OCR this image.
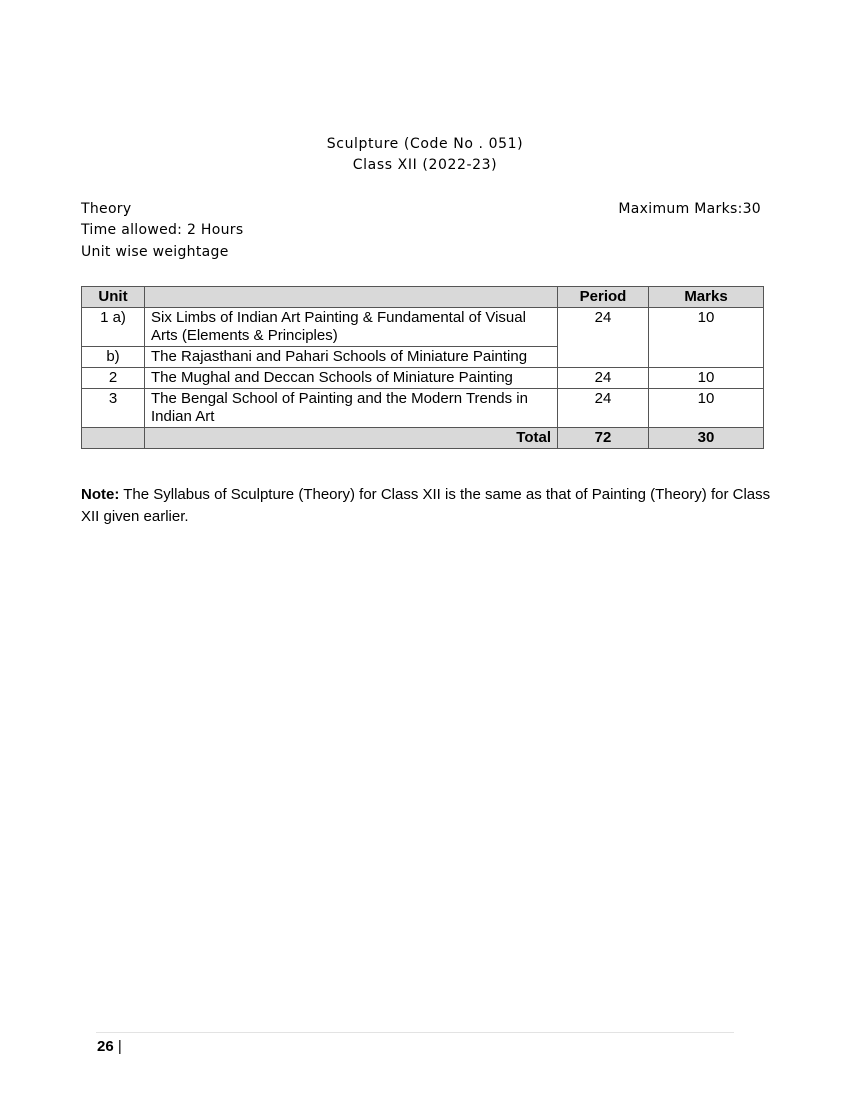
Sculpture (Code No . 051)
Class XII (2022-23)
Theory	Maximum Marks:30
Time allowed: 2 Hours
Unit wise weightage
Unit		Period	Marks
1 a)	Six Limbs of Indian Art Painting & Fundamental of Visual Arts (Elements & Principles)	24	10
b)	The Rajasthani and Pahari Schools of Miniature Painting		
2	The Mughal and Deccan Schools of Miniature Painting	24	10
3	The Bengal School of Painting and the Modern Trends in Indian Art	24	10
	Total	72	30
Note: The Syllabus of Sculpture (Theory) for Class XII is the same as that of Painting (Theory) for Class XII given earlier.
26 |
